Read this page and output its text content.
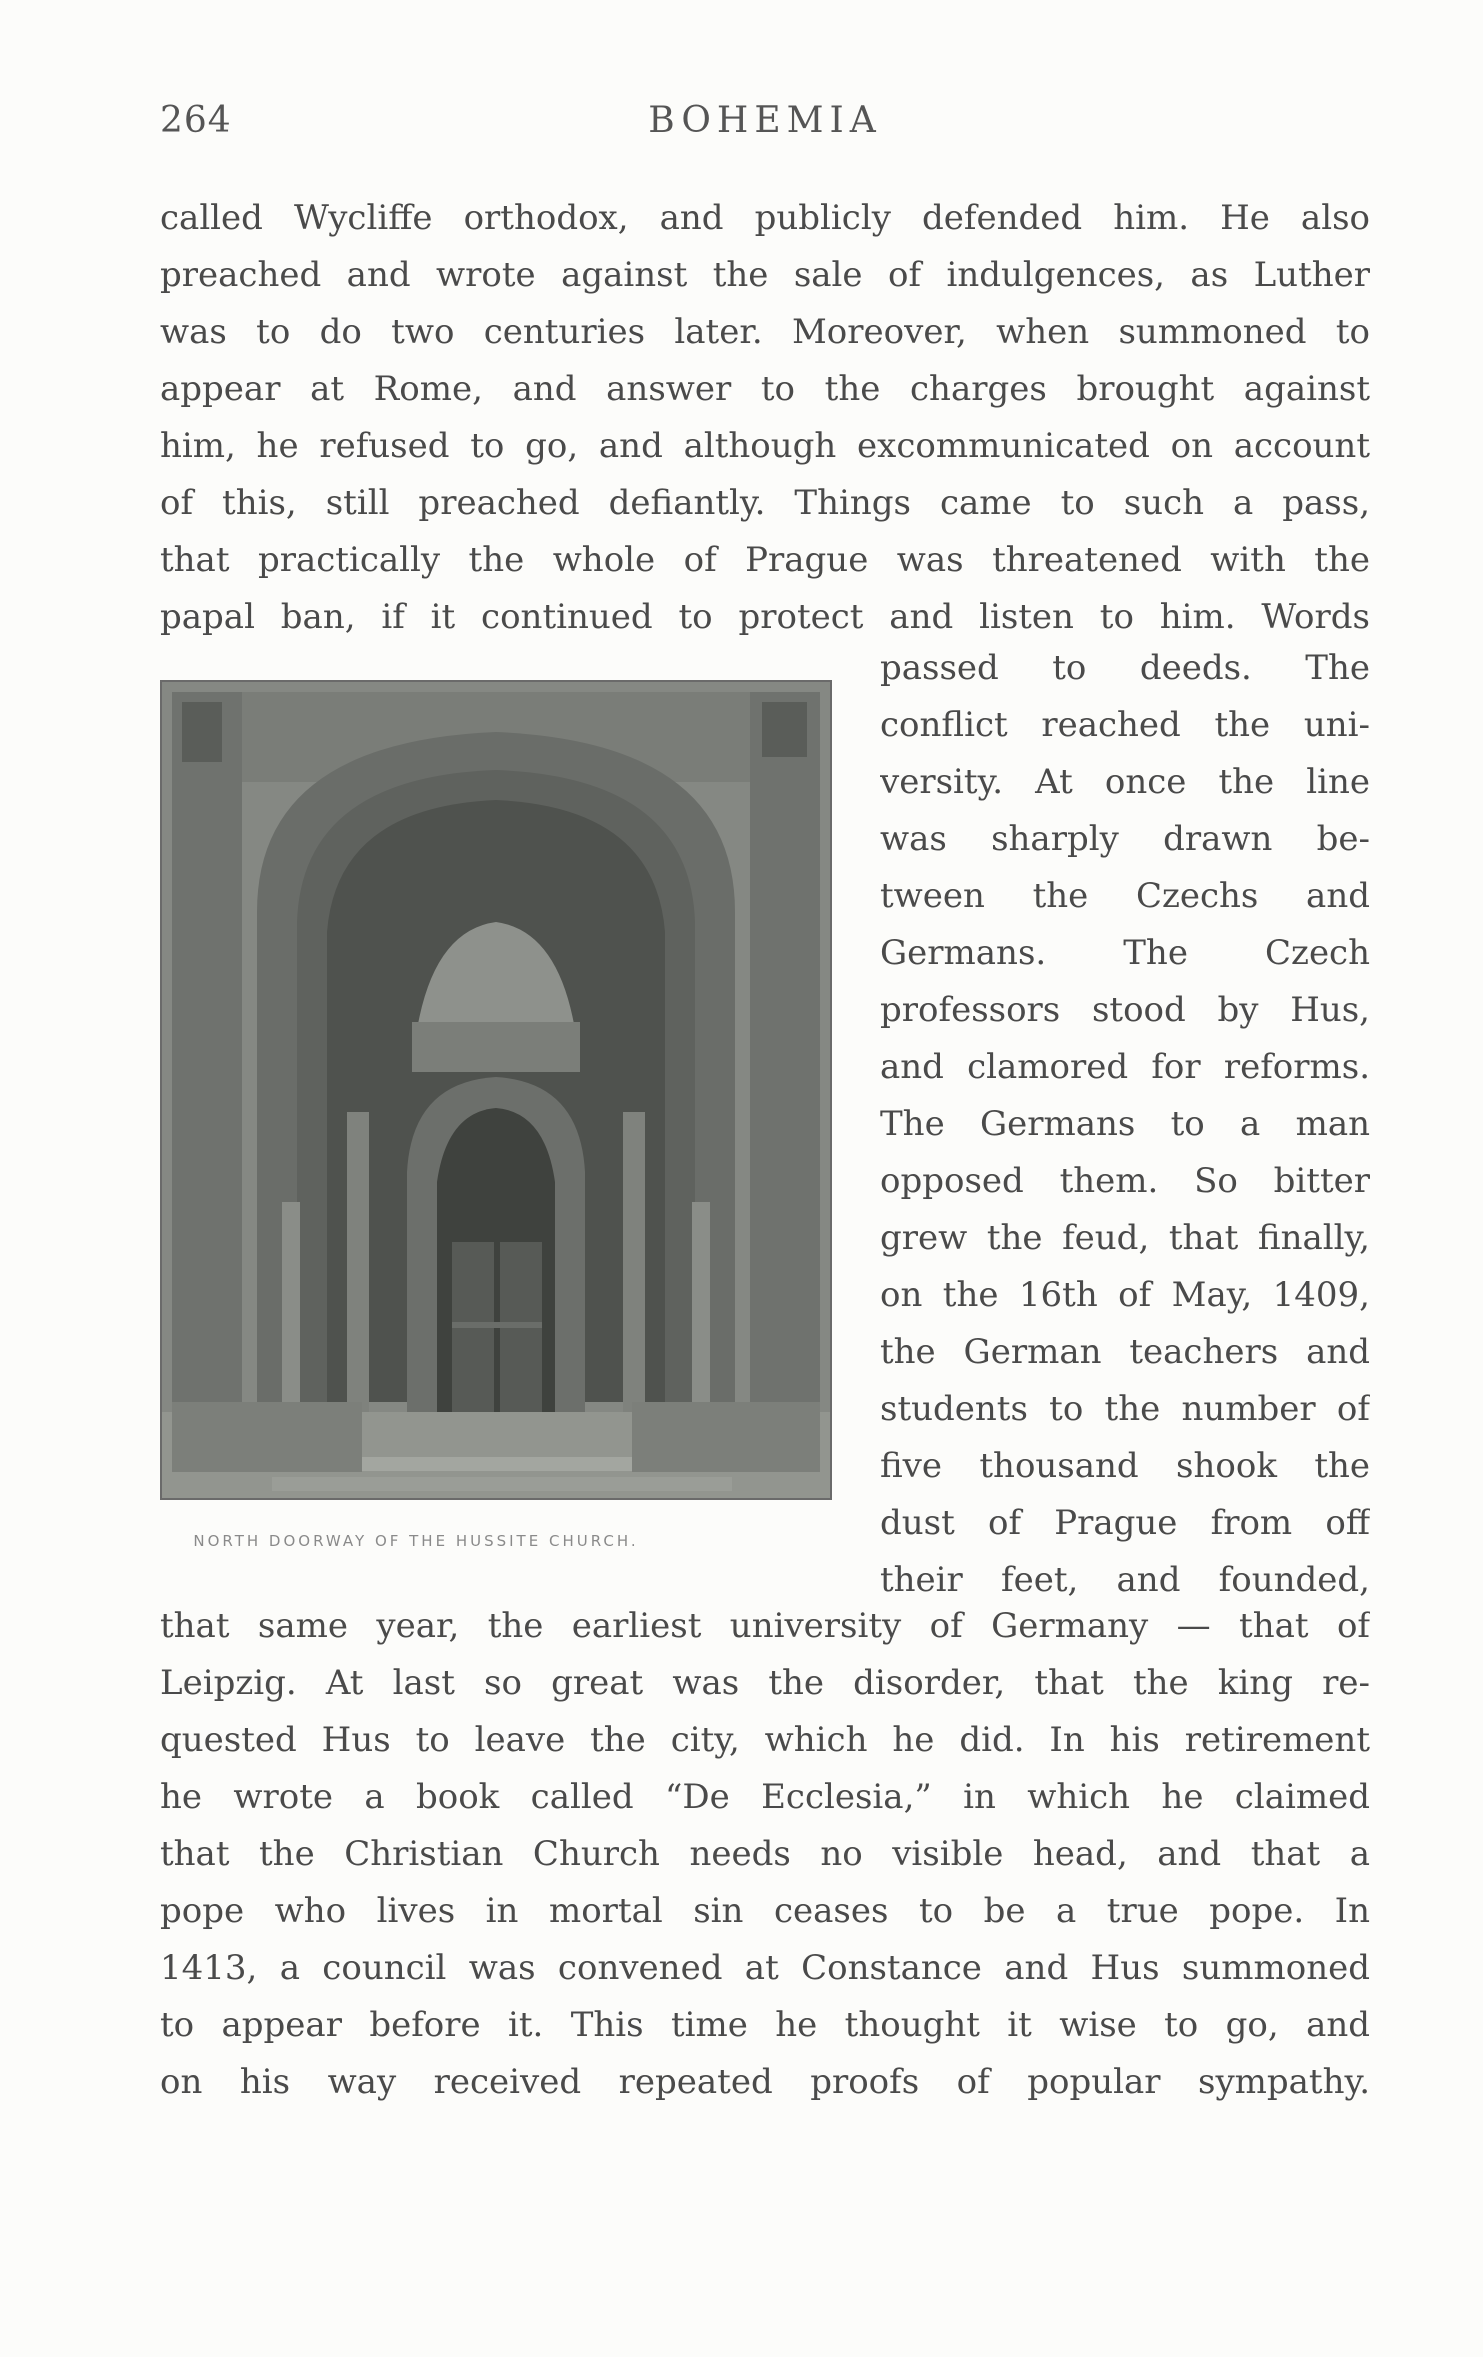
264	BOHEMIA
called Wycliffe orthodox, and publicly defended him. He also
preached and wrote against the sale of indulgences, as Luther
was to do two centuries later. Moreover, when summoned to
appear at Rome, and answer to the charges brought against
him, he refused to go, and although excommunicated on account
of this, still preached defiantly. Things came to such a pass,
that practically the whole of Prague was threatened with the
papal ban, if it continued to protect and listen to him. Words
NORTH DOORWAY OF THE HUSSITE CHURCH.
passed to deeds. The
conflict reached the uni-
versity. At once the line
was sharply drawn be-
tween the Czechs and
Germans. The Czech
professors stood by Hus,
and clamored for reforms.
The Germans to a man
opposed them. So bitter
grew the feud, that finally,
on the 16th of May, 1409,
the German teachers and
students to the number of
five thousand shook the
dust of Prague from off
their feet, and founded,
that same year, the earliest university of Germany — that of
Leipzig. At last so great was the disorder, that the king re-
quested Hus to leave the city, which he did. In his retirement
he wrote a book called “De Ecclesia,” in which he claimed
that the Christian Church needs no visible head, and that a
pope who lives in mortal sin ceases to be a true pope. In
1413, a council was convened at Constance and Hus summoned
to appear before it. This time he thought it wise to go, and
on his way received repeated proofs of popular sympathy.
